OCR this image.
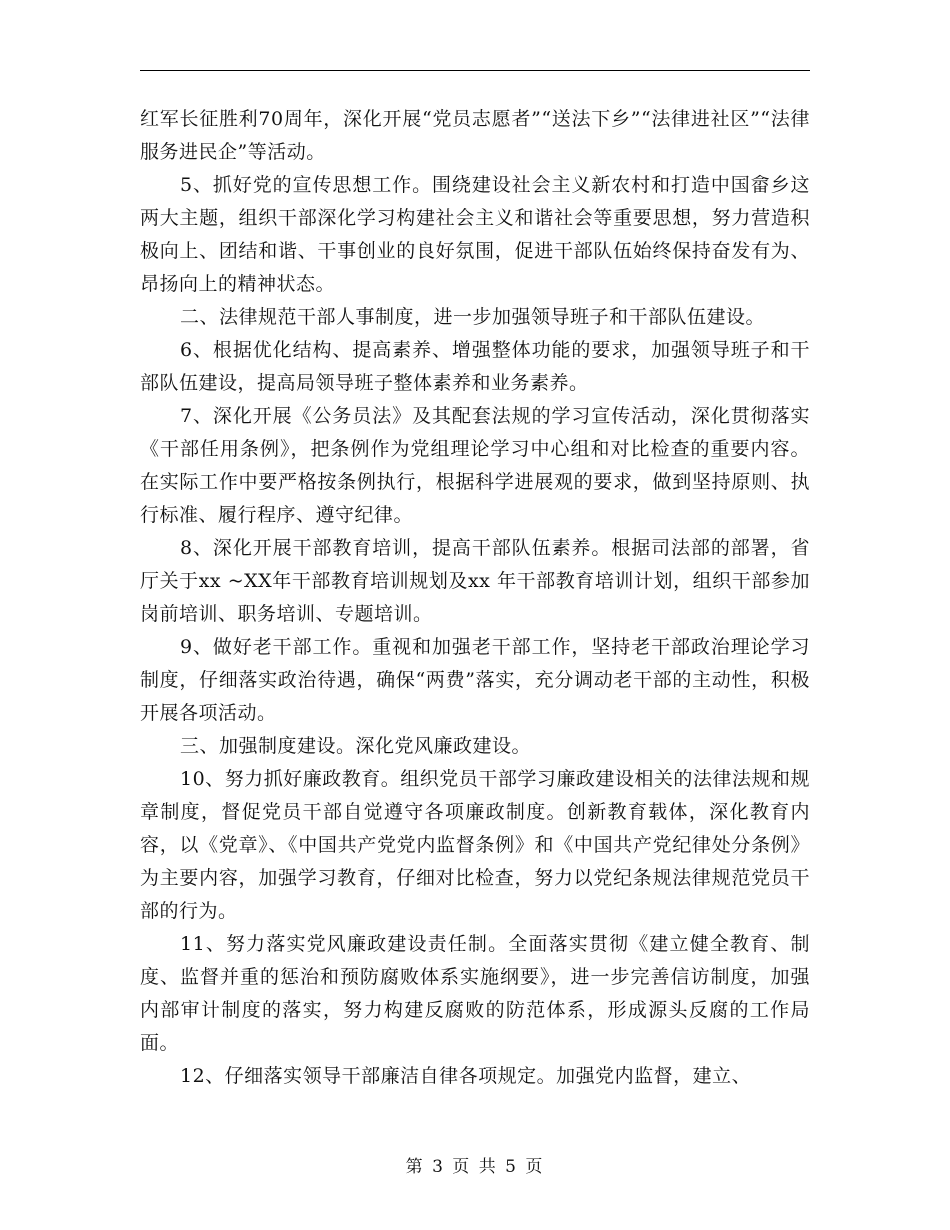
红军长征胜利70周年，深化开展“党员志愿者”“送法下乡”“法律进社区”“法律服务进民企”等活动。

5、抓好党的宣传思想工作。围绕建设社会主义新农村和打造中国畲乡这两大主题，组织干部深化学习构建社会主义和谐社会等重要思想，努力营造积极向上、团结和谐、干事创业的良好氛围，促进干部队伍始终保持奋发有为、昂扬向上的精神状态。

二、法律规范干部人事制度，进一步加强领导班子和干部队伍建设。

6、根据优化结构、提高素养、增强整体功能的要求，加强领导班子和干部队伍建设，提高局领导班子整体素养和业务素养。

7、深化开展《公务员法》及其配套法规的学习宣传活动，深化贯彻落实《干部任用条例》，把条例作为党组理论学习中心组和对比检查的重要内容。在实际工作中要严格按条例执行，根据科学进展观的要求，做到坚持原则、执行标准、履行程序、遵守纪律。

8、深化开展干部教育培训，提高干部队伍素养。根据司法部的部署，省厅关于xx ~XX年干部教育培训规划及xx 年干部教育培训计划，组织干部参加岗前培训、职务培训、专题培训。

9、做好老干部工作。重视和加强老干部工作，坚持老干部政治理论学习制度，仔细落实政治待遇，确保“两费”落实，充分调动老干部的主动性，积极开展各项活动。

三、加强制度建设。深化党风廉政建设。

10、努力抓好廉政教育。组织党员干部学习廉政建设相关的法律法规和规章制度，督促党员干部自觉遵守各项廉政制度。创新教育载体，深化教育内容，以《党章》、《中国共产党党内监督条例》和《中国共产党纪律处分条例》为主要内容，加强学习教育，仔细对比检查，努力以党纪条规法律规范党员干部的行为。

11、努力落实党风廉政建设责任制。全面落实贯彻《建立健全教育、制度、监督并重的惩治和预防腐败体系实施纲要》，进一步完善信访制度，加强内部审计制度的落实，努力构建反腐败的防范体系，形成源头反腐的工作局面。

12、仔细落实领导干部廉洁自律各项规定。加强党内监督，建立、

第 3 页 共 5 页
